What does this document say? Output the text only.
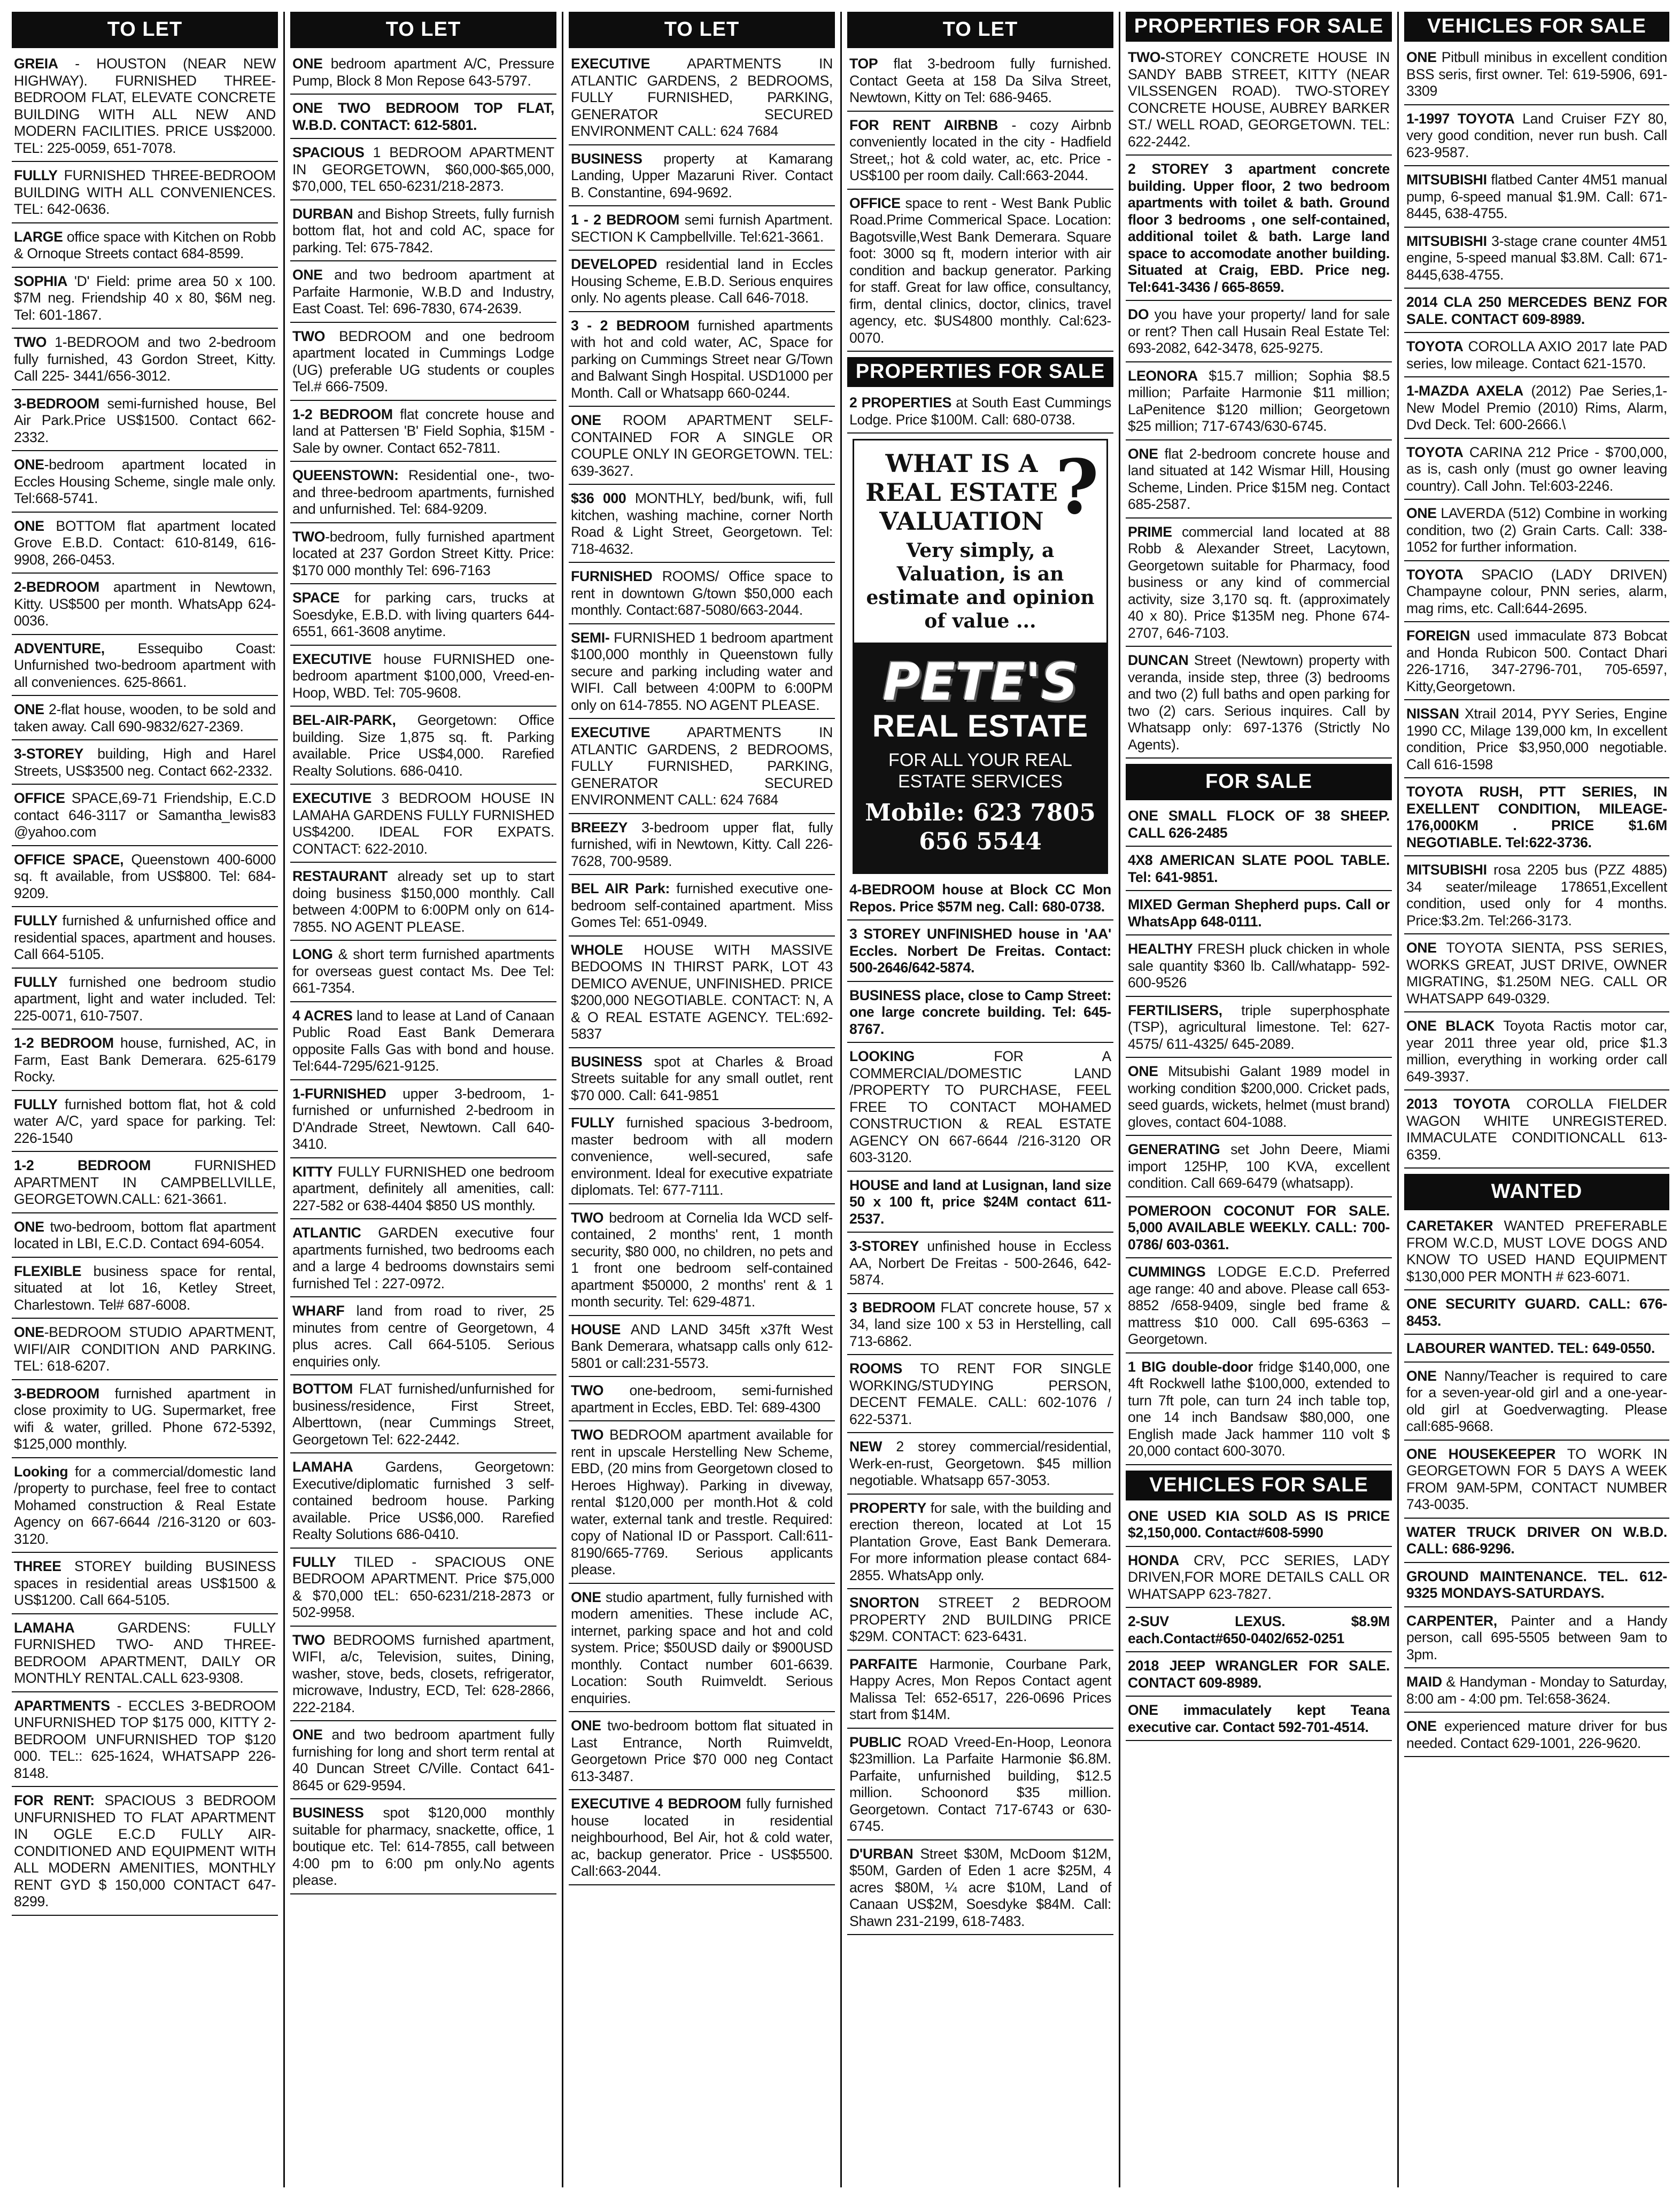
TO LET
GREIA - HOUSTON (NEAR NEW HIGHWAY). FURNISHED THREE-BEDROOM FLAT, ELEVATE CONCRETE BUILDING WITH ALL NEW AND MODERN FACILITIES. PRICE US$2000. TEL: 225-0059, 651-7078.
FULLY FURNISHED THREE-BEDROOM BUILDING WITH ALL CONVENIENCES. TEL: 642-0636.
LARGE office space with Kitchen on Robb & Ornoque Streets contact 684-8599.
SOPHIA 'D' Field: prime area 50 x 100. $7M neg. Friendship 40 x 80, $6M neg. Tel: 601-1867.
TWO 1-BEDROOM and two 2-bedroom fully furnished, 43 Gordon Street, Kitty. Call 225- 3441/656-3012.
3-BEDROOM semi-furnished house, Bel Air Park.Price US$1500. Contact 662-2332.
ONE-bedroom apartment located in Eccles Housing Scheme, single male only. Tel:668-5741.
ONE BOTTOM flat apartment located Grove E.B.D. Contact: 610-8149, 616-9908, 266-0453.
2-BEDROOM apartment in Newtown, Kitty. US$500 per month. WhatsApp 624-0036.
ADVENTURE, Essequibo Coast: Unfurnished two-bedroom apartment with all conveniences. 625-8661.
ONE 2-flat house, wooden, to be sold and taken away. Call 690-9832/627-2369.
3-STOREY building, High and Harel Streets, US$3500 neg. Contact 662-2332.
OFFICE SPACE,69-71 Friendship, E.C.D contact 646-3117 or Samantha_lewis83 @yahoo.com
OFFICE SPACE, Queenstown 400-6000 sq. ft available, from US$800. Tel: 684-9209.
FULLY furnished & unfurnished office and residential spaces, apartment and houses. Call 664-5105.
FULLY furnished one bedroom studio apartment, light and water included. Tel: 225-0071, 610-7507.
1-2 BEDROOM house, furnished, AC, in Farm, East Bank Demerara. 625-6179 Rocky.
FULLY furnished bottom flat, hot & cold water A/C, yard space for parking. Tel: 226-1540
1-2 BEDROOM FURNISHED APARTMENT IN CAMPBELLVILLE, GEORGETOWN.CALL: 621-3661.
ONE two-bedroom, bottom flat apartment located in LBI, E.C.D. Contact 694-6054.
FLEXIBLE business space for rental, situated at lot 16, Ketley Street, Charlestown. Tel# 687-6008.
ONE-BEDROOM STUDIO APARTMENT, WIFI/AIR CONDITION AND PARKING. TEL: 618-6207.
3-BEDROOM furnished apartment in close proximity to UG. Supermarket, free wifi & water, grilled. Phone 672-5392, $125,000 monthly.
Looking for a commercial/domestic land /property to purchase, feel free to contact Mohamed construction & Real Estate Agency on 667-6644 /216-3120 or 603-3120.
THREE STOREY building BUSINESS spaces in residential areas US$1500 & US$1200. Call 664-5105.
LAMAHA GARDENS: FULLY FURNISHED TWO- AND THREE-BEDROOM APARTMENT, DAILY OR MONTHLY RENTAL.CALL 623-9308.
APARTMENTS - ECCLES 3-BEDROOM UNFURNISHED TOP $175 000, KITTY 2-BEDROOM UNFURNISHED TOP $120 000. TEL:: 625-1624, WHATSAPP 226-8148.
FOR RENT: SPACIOUS 3 BEDROOM UNFURNISHED TO FLAT APARTMENT IN OGLE E.C.D FULLY AIR-CONDITIONED AND EQUIPMENT WITH ALL MODERN AMENITIES, MONTHLY RENT GYD $ 150,000 CONTACT 647-8299.
TO LET
ONE bedroom apartment A/C, Pressure Pump, Block 8 Mon Repose 643-5797.
ONE TWO BEDROOM TOP FLAT, W.B.D. CONTACT: 612-5801.
SPACIOUS 1 BEDROOM APARTMENT IN GEORGETOWN, $60,000-$65,000, $70,000, TEL 650-6231/218-2873.
DURBAN and Bishop Streets, fully furnish bottom flat, hot and cold AC, space for parking. Tel: 675-7842.
ONE and two bedroom apartment at Parfaite Harmonie, W.B.D and Industry, East Coast. Tel: 696-7830, 674-2639.
TWO BEDROOM and one bedroom apartment located in Cummings Lodge (UG) preferable UG students or couples Tel.# 666-7509.
1-2 BEDROOM flat concrete house and land at Pattersen 'B' Field Sophia, $15M - Sale by owner. Contact 652-7811.
QUEENSTOWN: Residential one-, two- and three-bedroom apartments, furnished and unfurnished. Tel: 684-9209.
TWO-bedroom, fully furnished apartment located at 237 Gordon Street Kitty. Price: $170 000 monthly Tel: 696-7163
SPACE for parking cars, trucks at Soesdyke, E.B.D. with living quarters 644-6551, 661-3608 anytime.
EXECUTIVE house FURNISHED one-bedroom apartment $100,000, Vreed-en-Hoop, WBD. Tel: 705-9608.
BEL-AIR-PARK, Georgetown: Office building. Size 1,875 sq. ft. Parking available. Price US$4,000. Rarefied Realty Solutions. 686-0410.
EXECUTIVE 3 BEDROOM HOUSE IN LAMAHA GARDENS FULLY FURNISHED US$4200. IDEAL FOR EXPATS. CONTACT: 622-2010.
RESTAURANT already set up to start doing business $150,000 monthly. Call between 4:00PM to 6:00PM only on 614-7855. NO AGENT PLEASE.
LONG & short term furnished apartments for overseas guest contact Ms. Dee Tel: 661-7354.
4 ACRES land to lease at Land of Canaan Public Road East Bank Demerara opposite Falls Gas with bond and house. Tel:644-7295/621-9125.
1-FURNISHED upper 3-bedroom, 1-furnished or unfurnished 2-bedroom in D'Andrade Street, Newtown. Call 640-3410.
KITTY FULLY FURNISHED one bedroom apartment, definitely all amenities, call: 227-582 or 638-4404 $850 US monthly.
ATLANTIC GARDEN executive four apartments furnished, two bedrooms each and a large 4 bedrooms downstairs semi furnished Tel : 227-0972.
WHARF land from road to river, 25 minutes from centre of Georgetown, 4 plus acres. Call 664-5105. Serious enquiries only.
BOTTOM FLAT furnished/unfurnished for business/residence, First Street, Alberttown, (near Cummings Street, Georgetown Tel: 622-2442.
LAMAHA Gardens, Georgetown: Executive/diplomatic furnished 3 self-contained bedroom house. Parking available. Price US$6,000. Rarefied Realty Solutions 686-0410.
FULLY TILED - SPACIOUS ONE BEDROOM APARTMENT. Price $75,000 & $70,000 tEL: 650-6231/218-2873 or 502-9958.
TWO BEDROOMS furnished apartment, WIFI, a/c, Television, suites, Dining, washer, stove, beds, closets, refrigerator, microwave, Industry, ECD, Tel: 628-2866, 222-2184.
ONE and two bedroom apartment fully furnishing for long and short term rental at 40 Duncan Street C/Ville. Contact 641-8645 or 629-9594.
BUSINESS spot $120,000 monthly suitable for pharmacy, snackette, office, 1 boutique etc. Tel: 614-7855, call between 4:00 pm to 6:00 pm only.No agents please.
TO LET
EXECUTIVE APARTMENTS IN ATLANTIC GARDENS, 2 BEDROOMS, FULLY FURNISHED, PARKING, GENERATOR SECURED ENVIRONMENT CALL: 624 7684
BUSINESS property at Kamarang Landing, Upper Mazaruni River. Contact B. Constantine, 694-9692.
1 - 2 BEDROOM semi furnish Apartment. SECTION K Campbellville. Tel:621-3661.
DEVELOPED residential land in Eccles Housing Scheme, E.B.D. Serious enquires only. No agents please. Call 646-7018.
3 - 2 BEDROOM furnished apartments with hot and cold water, AC, Space for parking on Cummings Street near G/Town and Balwant Singh Hospital. USD1000 per Month. Call or Whatsapp 660-0244.
ONE ROOM APARTMENT SELF-CONTAINED FOR A SINGLE OR COUPLE ONLY IN GEORGETOWN. TEL: 639-3627.
$36 000 MONTHLY, bed/bunk, wifi, full kitchen, washing machine, corner North Road & Light Street, Georgetown. Tel: 718-4632.
FURNISHED ROOMS/ Office space to rent in downtown G/town $50,000 each monthly. Contact:687-5080/663-2044.
SEMI- FURNISHED 1 bedroom apartment $100,000 monthly in Queenstown fully secure and parking including water and WIFI. Call between 4:00PM to 6:00PM only on 614-7855. NO AGENT PLEASE.
EXECUTIVE APARTMENTS IN ATLANTIC GARDENS, 2 BEDROOMS, FULLY FURNISHED, PARKING, GENERATOR SECURED ENVIRONMENT CALL: 624 7684
BREEZY 3-bedroom upper flat, fully furnished, wifi in Newtown, Kitty. Call 226-7628, 700-9589.
BEL AIR Park: furnished executive one-bedroom self-contained apartment. Miss Gomes Tel: 651-0949.
WHOLE HOUSE WITH MASSIVE BEDOOMS IN THIRST PARK, LOT 43 DEMICO AVENUE, UNFINISHED. PRICE $200,000 NEGOTIABLE. CONTACT: N, A & O REAL ESTATE AGENCY. TEL:692-5837
BUSINESS spot at Charles & Broad Streets suitable for any small outlet, rent $70 000. Call: 641-9851
FULLY furnished spacious 3-bedroom, master bedroom with all modern convenience, well-secured, safe environment. Ideal for executive expatriate diplomats. Tel: 677-7111.
TWO bedroom at Cornelia Ida WCD self-contained, 2 months' rent, 1 month security, $80 000, no children, no pets and 1 front one bedroom self-contained apartment $50000, 2 months' rent & 1 month security. Tel: 629-4871.
HOUSE AND LAND 345ft x37ft West Bank Demerara, whatsapp calls only 612-5801 or call:231-5573.
TWO one-bedroom, semi-furnished apartment in Eccles, EBD. Tel: 689-4300
TWO BEDROOM apartment available for rent in upscale Herstelling New Scheme, EBD, (20 mins from Georgetown closed to Heroes Highway). Parking in diveway, rental $120,000 per month.Hot & cold water, external tank and trestle. Required: copy of National ID or Passport. Call:611-8190/665-7769. Serious applicants please.
ONE studio apartment, fully furnished with modern amenities. These include AC, internet, parking space and hot and cold system. Price; $50USD daily or $900USD monthly. Contact number 601-6639. Location: South Ruimveldt. Serious enquiries.
ONE two-bedroom bottom flat situated in Last Entrance, North Ruimveldt, Georgetown Price $70 000 neg Contact 613-3487.
EXECUTIVE 4 BEDROOM fully furnished house located in residential neighbourhood, Bel Air, hot & cold water, ac, backup generator. Price - US$5500. Call:663-2044.
TO LET
TOP flat 3-bedroom fully furnished. Contact Geeta at 158 Da Silva Street, Newtown, Kitty on Tel: 686-9465.
FOR RENT AIRBNB - cozy Airbnb conveniently located in the city - Hadfield Street,; hot & cold water, ac, etc. Price - US$100 per room daily. Call:663-2044.
OFFICE space to rent - West Bank Public Road.Prime Commerical Space. Location: Bagotsville,West Bank Demerara. Square foot: 3000 sq ft, modern interior with air condition and backup generator. Parking for staff. Great for law office, consultancy, firm, dental clinics, doctor, clinics, travel agency, etc. $US4800 monthly. Cal:623-0070.
PROPERTIES FOR SALE
2 PROPERTIES at South East Cummings Lodge. Price $100M. Call: 680-0738.
WHAT IS A REAL ESTATE VALUATION ?
Very simply, a Valuation, is an estimate and opinion of value ...
PETE'S
REAL ESTATE
FOR ALL YOUR REAL ESTATE SERVICES
Mobile: 623 7805 656 5544
4-BEDROOM house at Block CC Mon Repos. Price $57M neg. Call: 680-0738.
3 STOREY UNFINISHED house in 'AA' Eccles. Norbert De Freitas. Contact: 500-2646/642-5874.
BUSINESS place, close to Camp Street: one large concrete building. Tel: 645-8767.
LOOKING FOR A COMMERCIAL/DOMESTIC LAND /PROPERTY TO PURCHASE, FEEL FREE TO CONTACT MOHAMED CONSTRUCTION & REAL ESTATE AGENCY ON 667-6644 /216-3120 OR 603-3120.
HOUSE and land at Lusignan, land size 50 x 100 ft, price $24M contact 611-2537.
3-STOREY unfinished house in Eccless AA, Norbert De Freitas - 500-2646, 642-5874.
3 BEDROOM FLAT concrete house, 57 x 34, land size 100 x 53 in Herstelling, call 713-6862.
ROOMS TO RENT FOR SINGLE WORKING/STUDYING PERSON, DECENT FEMALE. CALL: 602-1076 / 622-5371.
NEW 2 storey commercial/residential, Werk-en-rust, Georgetown. $45 million negotiable. Whatsapp 657-3053.
PROPERTY for sale, with the building and erection thereon, located at Lot 15 Plantation Grove, East Bank Demerara. For more information please contact 684-2855. WhatsApp only.
SNORTON STREET 2 BEDROOM PROPERTY 2ND BUILDING PRICE $29M. CONTACT: 623-6431.
PARFAITE Harmonie, Courbane Park, Happy Acres, Mon Repos Contact agent Malissa Tel: 652-6517, 226-0696 Prices start from $14M.
PUBLIC ROAD Vreed-En-Hoop, Leonora $23million. La Parfaite Harmonie $6.8M. Parfaite, unfurnished building, $12.5 million. Schoonord $35 million. Georgetown. Contact 717-6743 or 630-6745.
D'URBAN Street $30M, McDoom $12M, $50M, Garden of Eden 1 acre $25M, 4 acres $80M, ¼ acre $10M, Land of Canaan US$2M, Soesdyke $84M. Call: Shawn 231-2199, 618-7483.
PROPERTIES FOR SALE
TWO-STOREY CONCRETE HOUSE IN SANDY BABB STREET, KITTY (NEAR VILSSENGEN ROAD). TWO-STOREY CONCRETE HOUSE, AUBREY BARKER ST./ WELL ROAD, GEORGETOWN. TEL: 622-2442.
2 STOREY 3 apartment concrete building. Upper floor, 2 two bedroom apartments with toilet & bath. Ground floor 3 bedrooms , one self-contained, additional toilet & bath. Large land space to accomodate another building. Situated at Craig, EBD. Price neg. Tel:641-3436 / 665-8659.
DO you have your property/ land for sale or rent? Then call Husain Real Estate Tel: 693-2082, 642-3478, 625-9275.
LEONORA $15.7 million; Sophia $8.5 million; Parfaite Harmonie $11 million; LaPenitence $120 million; Georgetown $25 million; 717-6743/630-6745.
ONE flat 2-bedroom concrete house and land situated at 142 Wismar Hill, Housing Scheme, Linden. Price $15M neg. Contact 685-2587.
PRIME commercial land located at 88 Robb & Alexander Street, Lacytown, Georgetown suitable for Pharmacy, food business or any kind of commercial activity, size 3,170 sq. ft. (approximately 40 x 80). Price $135M neg. Phone 674-2707, 646-7103.
DUNCAN Street (Newtown) property with veranda, inside step, three (3) bedrooms and two (2) full baths and open parking for two (2) cars. Serious inquires. Call by Whatsapp only: 697-1376 (Strictly No Agents).
FOR SALE
ONE SMALL FLOCK OF 38 SHEEP. CALL 626-2485
4X8 AMERICAN SLATE POOL TABLE. Tel: 641-9851.
MIXED German Shepherd pups. Call or WhatsApp 648-0111.
HEALTHY FRESH pluck chicken in whole sale quantity $360 lb. Call/whatapp- 592-600-9526
FERTILISERS, triple superphosphate (TSP), agricultural limestone. Tel: 627-4575/ 611-4325/ 645-2089.
ONE Mitsubishi Galant 1989 model in working condition $200,000. Cricket pads, seed guards, wickets, helmet (must brand) gloves, contact 604-1088.
GENERATING set John Deere, Miami import 125HP, 100 KVA, excellent condition. Call 669-6479 (whatsapp).
POMEROON COCONUT FOR SALE. 5,000 AVAILABLE WEEKLY. CALL: 700-0786/ 603-0361.
CUMMINGS LODGE E.C.D. Preferred age range: 40 and above. Please call 653-8852 /658-9409, single bed frame & mattress $10 000. Call 695-6363 – Georgetown.
1 BIG double-door fridge $140,000, one 4ft Rockwell lathe $100,000, extended to turn 7ft pole, can turn 24 inch table top, one 14 inch Bandsaw $80,000, one English made Jack hammer 110 volt $ 20,000 contact 600-3070.
VEHICLES FOR SALE
ONE USED KIA SOLD AS IS PRICE $2,150,000. Contact#608-5990
HONDA CRV, PCC SERIES, LADY DRIVEN,FOR MORE DETAILS CALL OR WHATSAPP 623-7827.
2-SUV LEXUS. $8.9M each.Contact#650-0402/652-0251
2018 JEEP WRANGLER FOR SALE. CONTACT 609-8989.
ONE immaculately kept Teana executive car. Contact 592-701-4514.
VEHICLES FOR SALE
ONE Pitbull minibus in excellent condition BSS seris, first owner. Tel: 619-5906, 691-3309
1-1997 TOYOTA Land Cruiser FZY 80, very good condition, never run bush. Call 623-9587.
MITSUBISHI flatbed Canter 4M51 manual pump, 6-speed manual $1.9M. Call: 671-8445, 638-4755.
MITSUBISHI 3-stage crane counter 4M51 engine, 5-speed manual $3.8M. Call: 671-8445,638-4755.
2014 CLA 250 MERCEDES BENZ FOR SALE. CONTACT 609-8989.
TOYOTA COROLLA AXIO 2017 late PAD series, low mileage. Contact 621-1570.
1-MAZDA AXELA (2012) Pae Series,1- New Model Premio (2010) Rims, Alarm, Dvd Deck. Tel: 600-2666.\
TOYOTA CARINA 212 Price - $700,000, as is, cash only (must go owner leaving country). Call John. Tel:603-2246.
ONE LAVERDA (512) Combine in working condition, two (2) Grain Carts. Call: 338-1052 for further information.
TOYOTA SPACIO (LADY DRIVEN) Champayne colour, PNN series, alarm, mag rims, etc. Call:644-2695.
FOREIGN used immaculate 873 Bobcat and Honda Rubicon 500. Contact Dhari 226-1716, 347-2796-701, 705-6597, Kitty,Georgetown.
NISSAN Xtrail 2014, PYY Series, Engine 1990 CC, Milage 139,000 km, In excellent condition, Price $3,950,000 negotiable. Call 616-1598
TOYOTA RUSH, PTT SERIES, IN EXELLENT CONDITION, MILEAGE-176,000KM . PRICE $1.6M NEGOTIABLE. Tel:622-3736.
MITSUBISHI rosa 2205 bus (PZZ 4885) 34 seater/mileage 178651,Excellent condition, used only for 4 months. Price:$3.2m. Tel:266-3173.
ONE TOYOTA SIENTA, PSS SERIES, WORKS GREAT, JUST DRIVE, OWNER MIGRATING, $1.250M NEG. CALL OR WHATSAPP 649-0329.
ONE BLACK Toyota Ractis motor car, year 2011 three year old, price $1.3 million, everything in working order call 649-3937.
2013 TOYOTA COROLLA FIELDER WAGON WHITE UNREGISTERED. IMMACULATE CONDITIONCALL 613-6359.
WANTED
CARETAKER WANTED PREFERABLE FROM W.C.D, MUST LOVE DOGS AND KNOW TO USED HAND EQUIPMENT $130,000 PER MONTH # 623-6071.
ONE SECURITY GUARD. CALL: 676-8453.
LABOURER WANTED. TEL: 649-0550.
ONE Nanny/Teacher is required to care for a seven-year-old girl and a one-year-old girl at Goedverwagting. Please call:685-9668.
ONE HOUSEKEEPER TO WORK IN GEORGETOWN FOR 5 DAYS A WEEK FROM 9AM-5PM, CONTACT NUMBER 743-0035.
WATER TRUCK DRIVER ON W.B.D. CALL: 686-9296.
GROUND MAINTENANCE. TEL. 612-9325 MONDAYS-SATURDAYS.
CARPENTER, Painter and a Handy person, call 695-5505 between 9am to 3pm.
MAID & Handyman - Monday to Saturday, 8:00 am - 4:00 pm. Tel:658-3624.
ONE experienced mature driver for bus needed. Contact 629-1001, 226-9620.
